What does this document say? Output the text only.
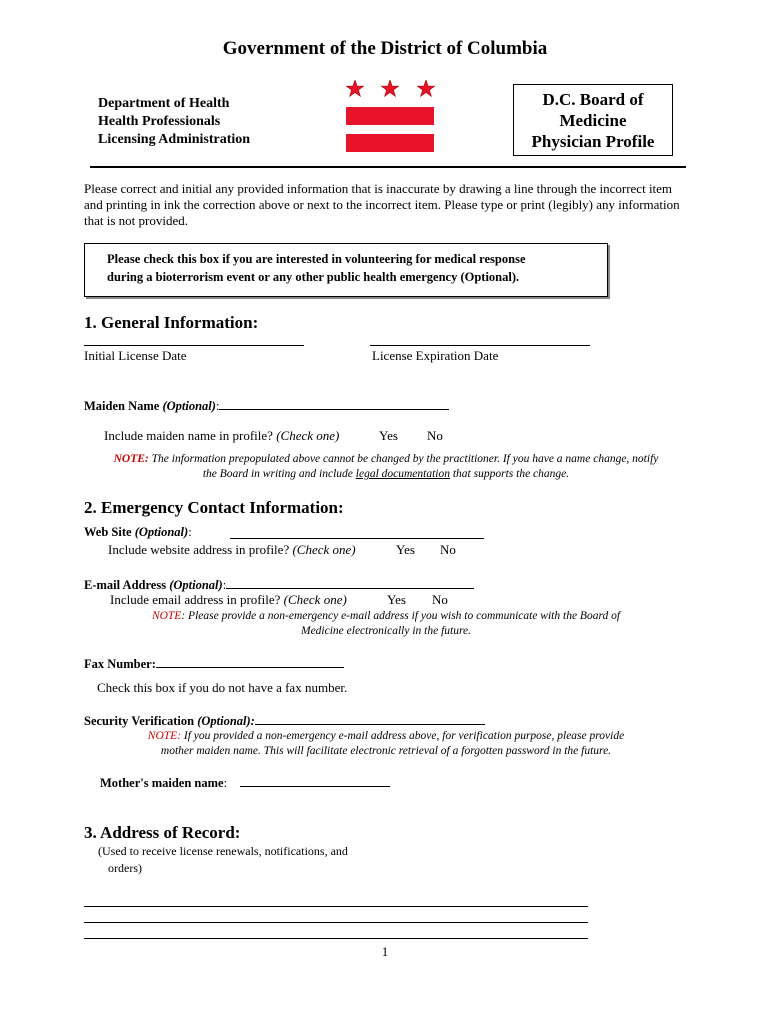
Government of the District of Columbia
Department of Health
Health Professionals
Licensing Administration
D.C. Board of
Medicine
Physician Profile
Please correct and initial any provided information that is inaccurate by drawing a line through the incorrect item and printing in ink the correction above or next to the incorrect item. Please type or print (legibly) any information that is not provided.
Please check this box if you are interested in volunteering for medical response
during a bioterrorism event or any other public health emergency (Optional).
1. General Information:
Initial License Date	License Expiration Date
Maiden Name (Optional):
Include maiden name in profile? (Check one)	Yes No
NOTE: The information prepopulated above cannot be changed by the practitioner. If you have a name change, notify
the Board in writing and include legal documentation that supports the change.
2. Emergency Contact Information:
Web Site (Optional):
Include website address in profile? (Check one)	Yes No
E-mail Address (Optional):
Include email address in profile? (Check one)	Yes No
NOTE: Please provide a non-emergency e-mail address if you wish to communicate with the Board of
Medicine electronically in the future.
Fax Number:
Check this box if you do not have a fax number.
Security Verification (Optional):
NOTE: If you provided a non-emergency e-mail address above, for verification purpose, please provide
mother maiden name. This will facilitate electronic retrieval of a forgotten password in the future.
Mother's maiden name:
3. Address of Record:
(Used to receive license renewals, notifications, and
orders)
1
